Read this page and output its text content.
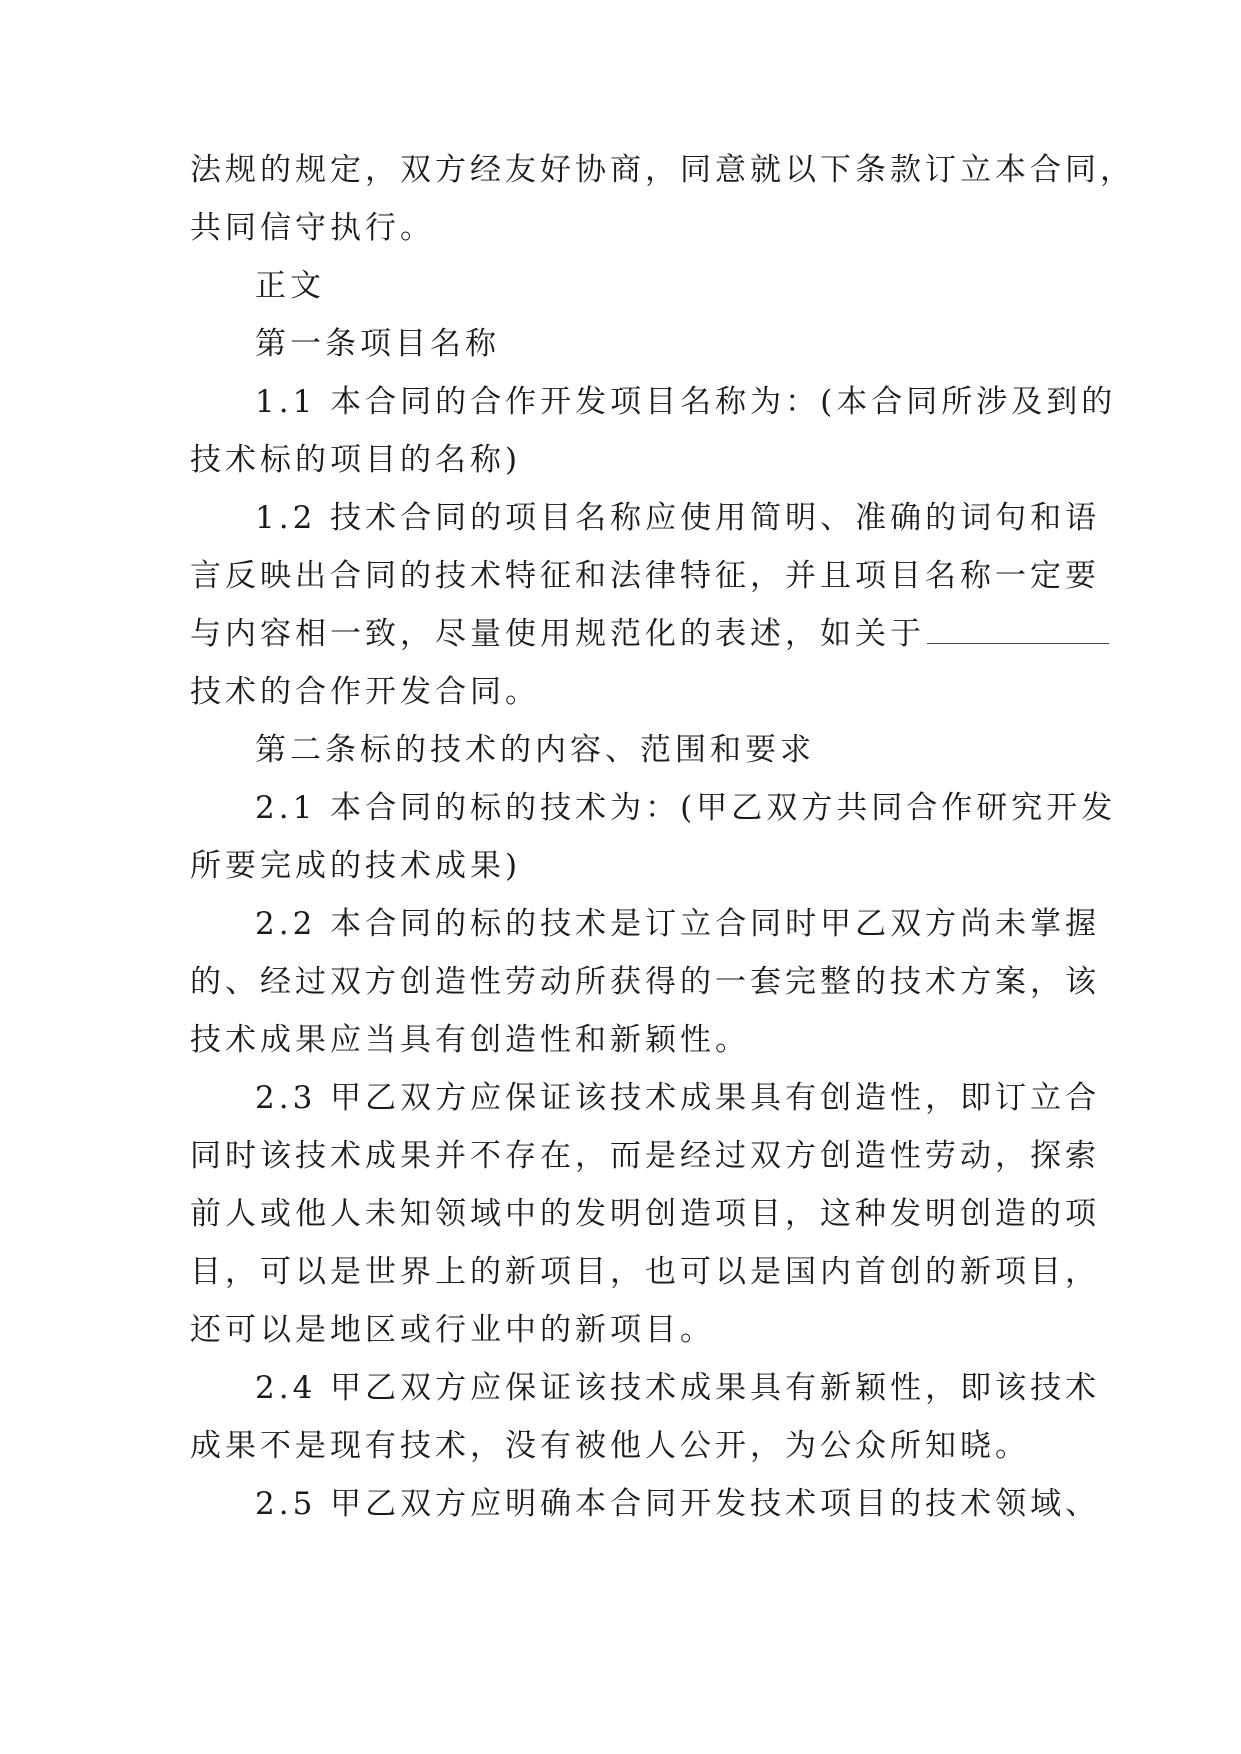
法规的规定，双方经友好协商，同意就以下条款订立本合同，
共同信守执行。
正文
第一条项目名称
1.1 本合同的合作开发项目名称为：(本合同所涉及到的
技术标的项目的名称)
1.2 技术合同的项目名称应使用简明、准确的词句和语
言反映出合同的技术特征和法律特征，并且项目名称一定要
与内容相一致，尽量使用规范化的表述，如关于
技术的合作开发合同。
第二条标的技术的内容、范围和要求
2.1 本合同的标的技术为：(甲乙双方共同合作研究开发
所要完成的技术成果)
2.2 本合同的标的技术是订立合同时甲乙双方尚未掌握
的、经过双方创造性劳动所获得的一套完整的技术方案，该
技术成果应当具有创造性和新颖性。
2.3 甲乙双方应保证该技术成果具有创造性，即订立合
同时该技术成果并不存在，而是经过双方创造性劳动，探索
前人或他人未知领域中的发明创造项目，这种发明创造的项
目，可以是世界上的新项目，也可以是国内首创的新项目，
还可以是地区或行业中的新项目。
2.4 甲乙双方应保证该技术成果具有新颖性，即该技术
成果不是现有技术，没有被他人公开，为公众所知晓。
2.5 甲乙双方应明确本合同开发技术项目的技术领域、
